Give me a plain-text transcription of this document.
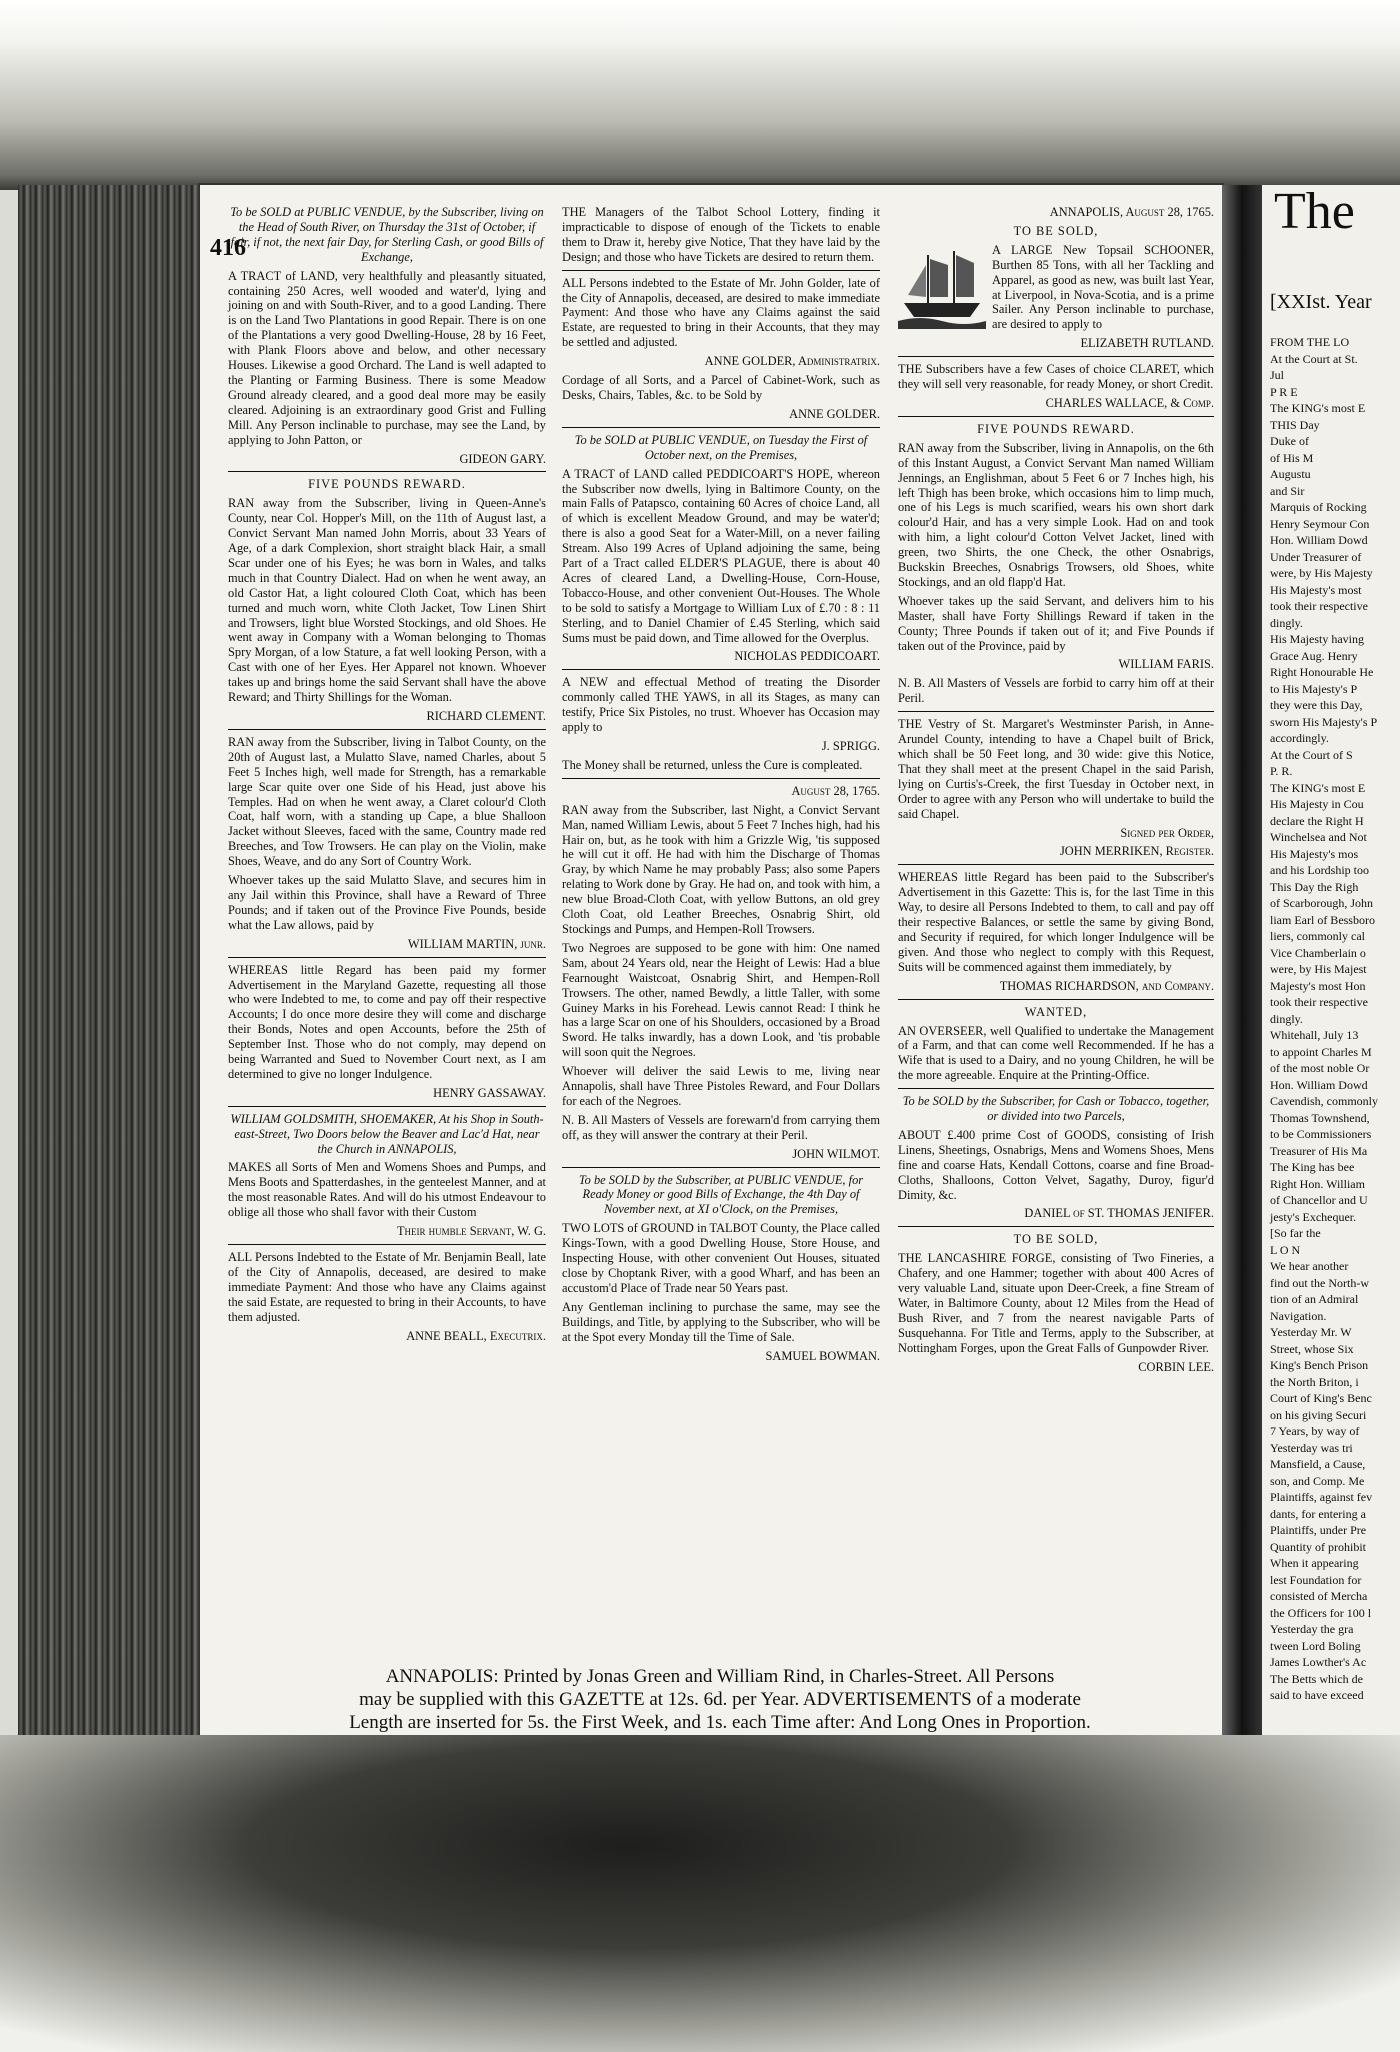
416

To be SOLD at PUBLIC VENDUE, by the Subscriber, living on the Head of South River, on Thursday the 31st of October, if fair, if not, the next fair Day, for Sterling Cash, or good Bills of Exchange,

A TRACT of LAND, very healthfully and pleasantly situated, containing 250 Acres, well wooded and water'd, lying and joining on and with South-River, and to a good Landing. There is on the Land Two Plantations in good Repair. There is on one of the Plantations a very good Dwelling-House, 28 by 16 Feet, with Plank Floors above and below, and other necessary Houses. Likewise a good Orchard. The Land is well adapted to the Planting or Farming Business. There is some Meadow Ground already cleared, and a good deal more may be easily cleared. Adjoining is an extraordinary good Grist and Fulling Mill. Any Person inclinable to purchase, may see the Land, by applying to John Patton, or

GIDEON GARY.

FIVE POUNDS REWARD.

RAN away from the Subscriber, living in Queen-Anne's County, near Col. Hopper's Mill, on the 11th of August last, a Convict Servant Man named John Morris, about 33 Years of Age, of a dark Complexion, short straight black Hair, a small Scar under one of his Eyes; he was born in Wales, and talks much in that Country Dialect. Had on when he went away, an old Castor Hat, a light coloured Cloth Coat, which has been turned and much worn, white Cloth Jacket, Tow Linen Shirt and Trowsers, light blue Worsted Stockings, and old Shoes. He went away in Company with a Woman belonging to Thomas Spry Morgan, of a low Stature, a fat well looking Person, with a Cast with one of her Eyes. Her Apparel not known. Whoever takes up and brings home the said Servant shall have the above Reward; and Thirty Shillings for the Woman.

RICHARD CLEMENT.

RAN away from the Subscriber, living in Talbot County, on the 20th of August last, a Mulatto Slave, named Charles, about 5 Feet 5 Inches high, well made for Strength, has a remarkable large Scar quite over one Side of his Head, just above his Temples. Had on when he went away, a Claret colour'd Cloth Coat, half worn, with a standing up Cape, a blue Shalloon Jacket without Sleeves, faced with the same, Country made red Breeches, and Tow Trowsers. He can play on the Violin, make Shoes, Weave, and do any Sort of Country Work.

Whoever takes up the said Mulatto Slave, and secures him in any Jail within this Province, shall have a Reward of Three Pounds; and if taken out of the Province Five Pounds, beside what the Law allows, paid by

WILLIAM MARTIN, junr.

WHEREAS little Regard has been paid my former Advertisement in the Maryland Gazette, requesting all those who were Indebted to me, to come and pay off their respective Accounts; I do once more desire they will come and discharge their Bonds, Notes and open Accounts, before the 25th of September Inst. Those who do not comply, may depend on being Warranted and Sued to November Court next, as I am determined to give no longer Indulgence.

HENRY GASSAWAY.

WILLIAM GOLDSMITH, SHOEMAKER, At his Shop in South-east-Street, Two Doors below the Beaver and Lac'd Hat, near the Church in ANNAPOLIS,

MAKES all Sorts of Men and Womens Shoes and Pumps, and Mens Boots and Spatterdashes, in the genteelest Manner, and at the most reasonable Rates. And will do his utmost Endeavour to oblige all those who shall favor with their Custom

Their humble Servant, W. G.

ALL Persons Indebted to the Estate of Mr. Benjamin Beall, late of the City of Annapolis, deceased, are desired to make immediate Payment: And those who have any Claims against the said Estate, are requested to bring in their Accounts, to have them adjusted.

ANNE BEALL, Executrix.

THE Managers of the Talbot School Lottery, finding it impracticable to dispose of enough of the Tickets to enable them to Draw it, hereby give Notice, That they have laid by the Design; and those who have Tickets are desired to return them.

ALL Persons indebted to the Estate of Mr. John Golder, late of the City of Annapolis, deceased, are desired to make immediate Payment: And those who have any Claims against the said Estate, are requested to bring in their Accounts, that they may be settled and adjusted.

ANNE GOLDER, Administratrix.

Cordage of all Sorts, and a Parcel of Cabinet-Work, such as Desks, Chairs, Tables, &c. to be Sold by

ANNE GOLDER.

To be SOLD at PUBLIC VENDUE, on Tuesday the First of October next, on the Premises,

A TRACT of LAND called PEDDICOART'S HOPE, whereon the Subscriber now dwells, lying in Baltimore County, on the main Falls of Patapsco, containing 60 Acres of choice Land, all of which is excellent Meadow Ground, and may be water'd; there is also a good Seat for a Water-Mill, on a never failing Stream. Also 199 Acres of Upland adjoining the same, being Part of a Tract called ELDER'S PLAGUE, there is about 40 Acres of cleared Land, a Dwelling-House, Corn-House, Tobacco-House, and other convenient Out-Houses. The Whole to be sold to satisfy a Mortgage to William Lux of £.70 : 8 : 11 Sterling, and to Daniel Chamier of £.45 Sterling, which said Sums must be paid down, and Time allowed for the Overplus.

NICHOLAS PEDDICOART.

A NEW and effectual Method of treating the Disorder commonly called THE YAWS, in all its Stages, as many can testify, Price Six Pistoles, no trust. Whoever has Occasion may apply to

J. SPRIGG.

The Money shall be returned, unless the Cure is compleated.

August 28, 1765.

RAN away from the Subscriber, last Night, a Convict Servant Man, named William Lewis, about 5 Feet 7 Inches high, had his Hair on, but, as he took with him a Grizzle Wig, 'tis supposed he will cut it off. He had with him the Discharge of Thomas Gray, by which Name he may probably Pass; also some Papers relating to Work done by Gray. He had on, and took with him, a new blue Broad-Cloth Coat, with yellow Buttons, an old grey Cloth Coat, old Leather Breeches, Osnabrig Shirt, old Stockings and Pumps, and Hempen-Roll Trowsers.

Two Negroes are supposed to be gone with him: One named Sam, about 24 Years old, near the Height of Lewis: Had a blue Fearnought Waistcoat, Osnabrig Shirt, and Hempen-Roll Trowsers. The other, named Bewdly, a little Taller, with some Guiney Marks in his Forehead. Lewis cannot Read: I think he has a large Scar on one of his Shoulders, occasioned by a Broad Sword. He talks inwardly, has a down Look, and 'tis probable will soon quit the Negroes.

Whoever will deliver the said Lewis to me, living near Annapolis, shall have Three Pistoles Reward, and Four Dollars for each of the Negroes.

N. B. All Masters of Vessels are forewarn'd from carrying them off, as they will answer the contrary at their Peril.

JOHN WILMOT.

To be SOLD by the Subscriber, at PUBLIC VENDUE, for Ready Money or good Bills of Exchange, the 4th Day of November next, at XI o'Clock, on the Premises,

TWO LOTS of GROUND in TALBOT County, the Place called Kings-Town, with a good Dwelling House, Store House, and Inspecting House, with other convenient Out Houses, situated close by Choptank River, with a good Wharf, and has been an accustom'd Place of Trade near 50 Years past.

Any Gentleman inclining to purchase the same, may see the Buildings, and Title, by applying to the Subscriber, who will be at the Spot every Monday till the Time of Sale.

SAMUEL BOWMAN.

ANNAPOLIS, August 28, 1765.

TO BE SOLD,

A LARGE New Topsail SCHOONER, Burthen 85 Tons, with all her Tackling and Apparel, as good as new, was built last Year, at Liverpool, in Nova-Scotia, and is a prime Sailer. Any Person inclinable to purchase, are desired to apply to

ELIZABETH RUTLAND.

THE Subscribers have a few Cases of choice CLARET, which they will sell very reasonable, for ready Money, or short Credit.

CHARLES WALLACE, & Comp.

FIVE POUNDS REWARD.

RAN away from the Subscriber, living in Annapolis, on the 6th of this Instant August, a Convict Servant Man named William Jennings, an Englishman, about 5 Feet 6 or 7 Inches high, his left Thigh has been broke, which occasions him to limp much, one of his Legs is much scarified, wears his own short dark colour'd Hair, and has a very simple Look. Had on and took with him, a light colour'd Cotton Velvet Jacket, lined with green, two Shirts, the one Check, the other Osnabrigs, Buckskin Breeches, Osnabrigs Trowsers, old Shoes, white Stockings, and an old flapp'd Hat.

Whoever takes up the said Servant, and delivers him to his Master, shall have Forty Shillings Reward if taken in the County; Three Pounds if taken out of it; and Five Pounds if taken out of the Province, paid by

WILLIAM FARIS.

N. B. All Masters of Vessels are forbid to carry him off at their Peril.

THE Vestry of St. Margaret's Westminster Parish, in Anne-Arundel County, intending to have a Chapel built of Brick, which shall be 50 Feet long, and 30 wide: give this Notice, That they shall meet at the present Chapel in the said Parish, lying on Curtis's-Creek, the first Tuesday in October next, in Order to agree with any Person who will undertake to build the said Chapel.

Signed per Order,

JOHN MERRIKEN, Register.

WHEREAS little Regard has been paid to the Subscriber's Advertisement in this Gazette: This is, for the last Time in this Way, to desire all Persons Indebted to them, to call and pay off their respective Balances, or settle the same by giving Bond, and Security if required, for which longer Indulgence will be given. And those who neglect to comply with this Request, Suits will be commenced against them immediately, by

THOMAS RICHARDSON, and Company.

WANTED,

AN OVERSEER, well Qualified to undertake the Management of a Farm, and that can come well Recommended. If he has a Wife that is used to a Dairy, and no young Children, he will be the more agreeable. Enquire at the Printing-Office.

To be SOLD by the Subscriber, for Cash or Tobacco, together, or divided into two Parcels,

ABOUT £.400 prime Cost of GOODS, consisting of Irish Linens, Sheetings, Osnabrigs, Mens and Womens Shoes, Mens fine and coarse Hats, Kendall Cottons, coarse and fine Broad-Cloths, Shalloons, Cotton Velvet, Sagathy, Duroy, figur'd Dimity, &c.

DANIEL of ST. THOMAS JENIFER.

TO BE SOLD,

THE LANCASHIRE FORGE, consisting of Two Fineries, a Chafery, and one Hammer; together with about 400 Acres of very valuable Land, situate upon Deer-Creek, a fine Stream of Water, in Baltimore County, about 12 Miles from the Head of Bush River, and 7 from the nearest navigable Parts of Susquehanna. For Title and Terms, apply to the Subscriber, at Nottingham Forges, upon the Great Falls of Gunpowder River.

CORBIN LEE.

ANNAPOLIS: Printed by Jonas Green and William Rind, in Charles-Street. All Persons
may be supplied with this GAZETTE at 12s. 6d. per Year. ADVERTISEMENTS of a moderate
Length are inserted for 5s. the First Week, and 1s. each Time after: And Long Ones in Proportion.
The
[XXIst. Year
FROM THE LO
At the Court at St.
Jul
P R E
The KING's most E
THIS Day
Duke of
of His M
Augustu
and Sir
Marquis of Rocking
Henry Seymour Con
Hon. William Dowd
Under Treasurer of
were, by His Majesty
His Majesty's most
took their respective
dingly.
His Majesty having
Grace Aug. Henry
Right Honourable He
to His Majesty's P
they were this Day,
sworn His Majesty's P
accordingly.
At the Court of S
P. R.
The KING's most E
His Majesty in Cou
declare the Right H
Winchelsea and Not
His Majesty's mos
and his Lordship too
This Day the Righ
of Scarborough, John
liam Earl of Bessboro
liers, commonly cal
Vice Chamberlain o
were, by His Majest
Majesty's most Hon
took their respective
dingly.
Whitehall, July 13
to appoint Charles M
of the most noble Or
Hon. William Dowd
Cavendish, commonly
Thomas Townshend,
to be Commissioners
Treasurer of His Ma
The King has bee
Right Hon. William
of Chancellor and U
jesty's Exchequer.
[So far the
L O N
We hear another
find out the North-w
tion of an Admiral
Navigation.
Yesterday Mr. W
Street, whose Six
King's Bench Prison
the North Briton, i
Court of King's Benc
on his giving Securi
7 Years, by way of
Yesterday was tri
Mansfield, a Cause,
son, and Comp. Me
Plaintiffs, against fev
dants, for entering a
Plaintiffs, under Pre
Quantity of prohibit
When it appearing
lest Foundation for
consisted of Mercha
the Officers for 100 l
Yesterday the gra
tween Lord Boling
James Lowther's Ac
The Betts which de
said to have exceed
